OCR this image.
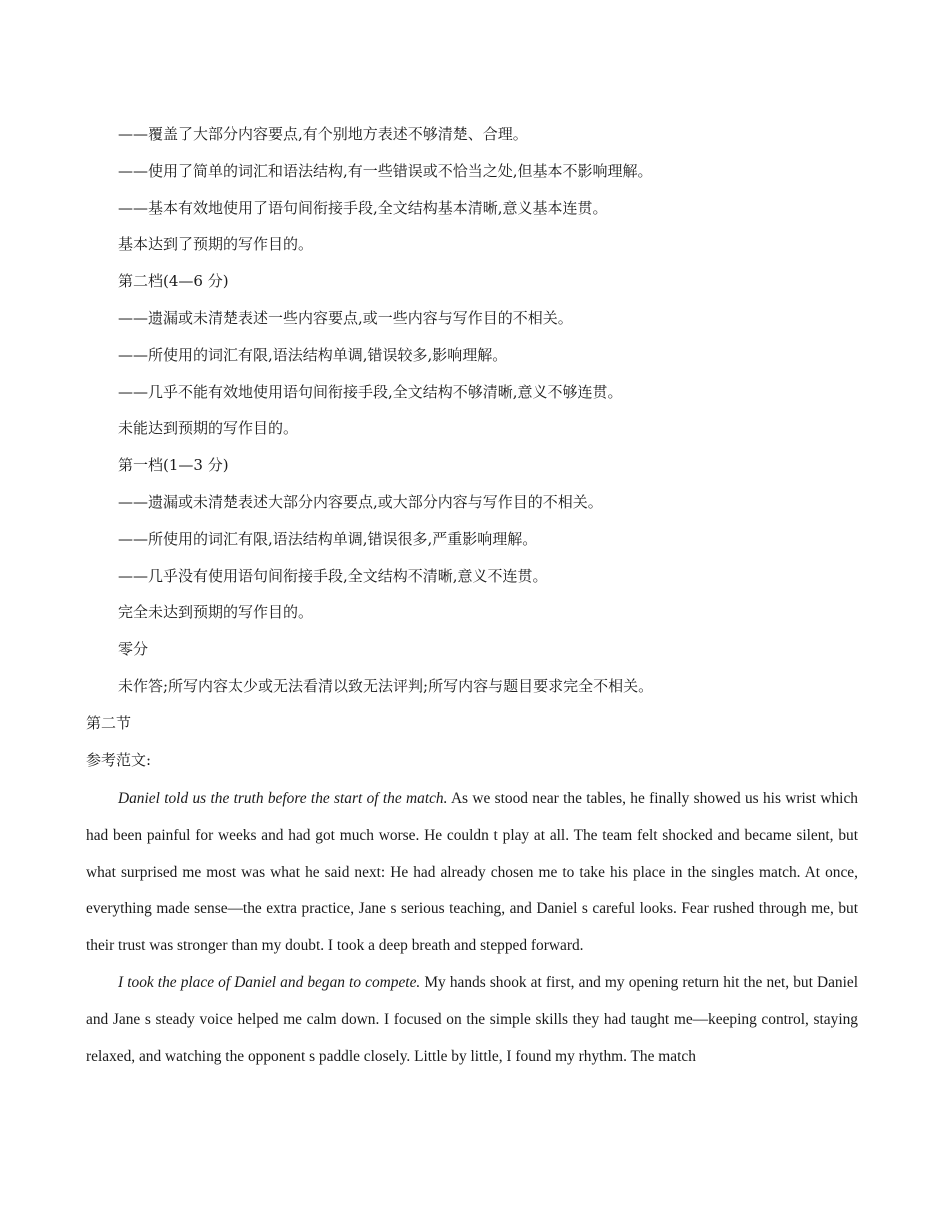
——覆盖了大部分内容要点,有个别地方表述不够清楚、合理。
——使用了简单的词汇和语法结构,有一些错误或不恰当之处,但基本不影响理解。
——基本有效地使用了语句间衔接手段,全文结构基本清晰,意义基本连贯。
基本达到了预期的写作目的。
第二档(4—6 分)
——遗漏或未清楚表述一些内容要点,或一些内容与写作目的不相关。
——所使用的词汇有限,语法结构单调,错误较多,影响理解。
——几乎不能有效地使用语句间衔接手段,全文结构不够清晰,意义不够连贯。
未能达到预期的写作目的。
第一档(1—3 分)
——遗漏或未清楚表述大部分内容要点,或大部分内容与写作目的不相关。
——所使用的词汇有限,语法结构单调,错误很多,严重影响理解。
——几乎没有使用语句间衔接手段,全文结构不清晰,意义不连贯。
完全未达到预期的写作目的。
零分
未作答;所写内容太少或无法看清以致无法评判;所写内容与题目要求完全不相关。
第二节
参考范文:

Daniel told us the truth before the start of the match. As we stood near the tables, he finally showed us his wrist which had been painful for weeks and had got much worse. He couldn t play at all. The team felt shocked and became silent, but what surprised me most was what he said next: He had already chosen me to take his place in the singles match. At once, everything made sense—the extra practice, Jane s serious teaching, and Daniel s careful looks. Fear rushed through me, but their trust was stronger than my doubt. I took a deep breath and stepped forward.

I took the place of Daniel and began to compete. My hands shook at first, and my opening return hit the net, but Daniel and Jane s steady voice helped me calm down. I focused on the simple skills they had taught me—keeping control, staying relaxed, and watching the opponent s paddle closely. Little by little, I found my rhythm. The match
